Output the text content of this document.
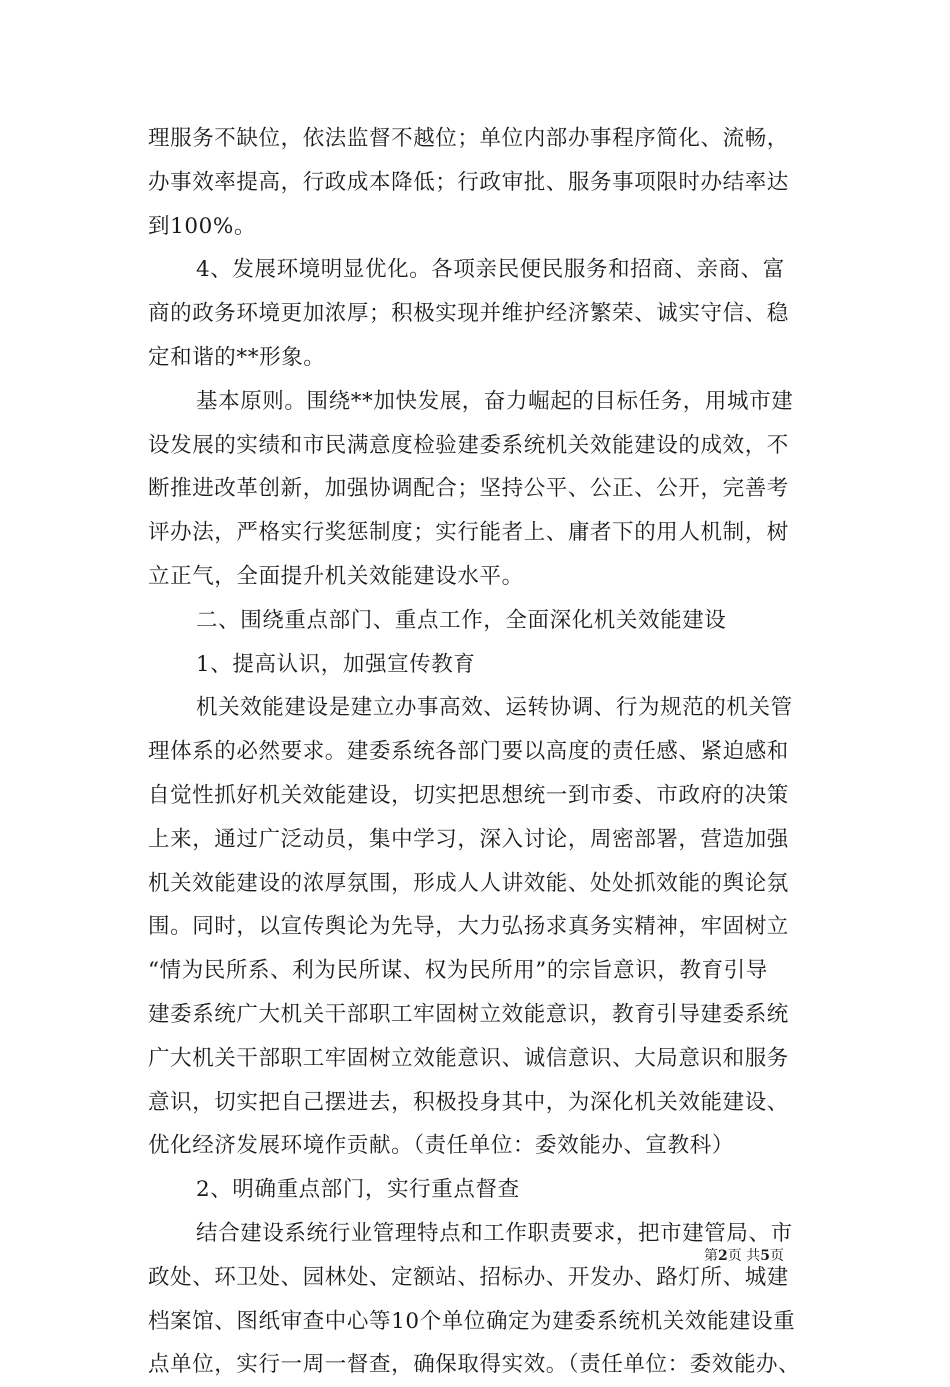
理服务不缺位，依法监督不越位；单位内部办事程序简化、流畅，
办事效率提高，行政成本降低；行政审批、服务事项限时办结率达
到100%。
4、发展环境明显优化。各项亲民便民服务和招商、亲商、富
商的政务环境更加浓厚；积极实现并维护经济繁荣、诚实守信、稳
定和谐的**形象。
基本原则。围绕**加快发展，奋力崛起的目标任务，用城市建
设发展的实绩和市民满意度检验建委系统机关效能建设的成效，不
断推进改革创新，加强协调配合；坚持公平、公正、公开，完善考
评办法，严格实行奖惩制度；实行能者上、庸者下的用人机制，树
立正气，全面提升机关效能建设水平。
二、围绕重点部门、重点工作，全面深化机关效能建设
1、提高认识，加强宣传教育
机关效能建设是建立办事高效、运转协调、行为规范的机关管
理体系的必然要求。建委系统各部门要以高度的责任感、紧迫感和
自觉性抓好机关效能建设，切实把思想统一到市委、市政府的决策
上来，通过广泛动员，集中学习，深入讨论，周密部署，营造加强
机关效能建设的浓厚氛围，形成人人讲效能、处处抓效能的舆论氛
围。同时，以宣传舆论为先导，大力弘扬求真务实精神，牢固树立
“情为民所系、利为民所谋、权为民所用”的宗旨意识，教育引导
建委系统广大机关干部职工牢固树立效能意识，教育引导建委系统
广大机关干部职工牢固树立效能意识、诚信意识、大局意识和服务
意识，切实把自己摆进去，积极投身其中，为深化机关效能建设、
优化经济发展环境作贡献。（责任单位：委效能办、宣教科）
2、明确重点部门，实行重点督查
结合建设系统行业管理特点和工作职责要求，把市建管局、市
政处、环卫处、园林处、定额站、招标办、开发办、路灯所、城建
档案馆、图纸审查中心等10个单位确定为建委系统机关效能建设重
点单位，实行一周一督查，确保取得实效。（责任单位：委效能办、
第2页 共5页
